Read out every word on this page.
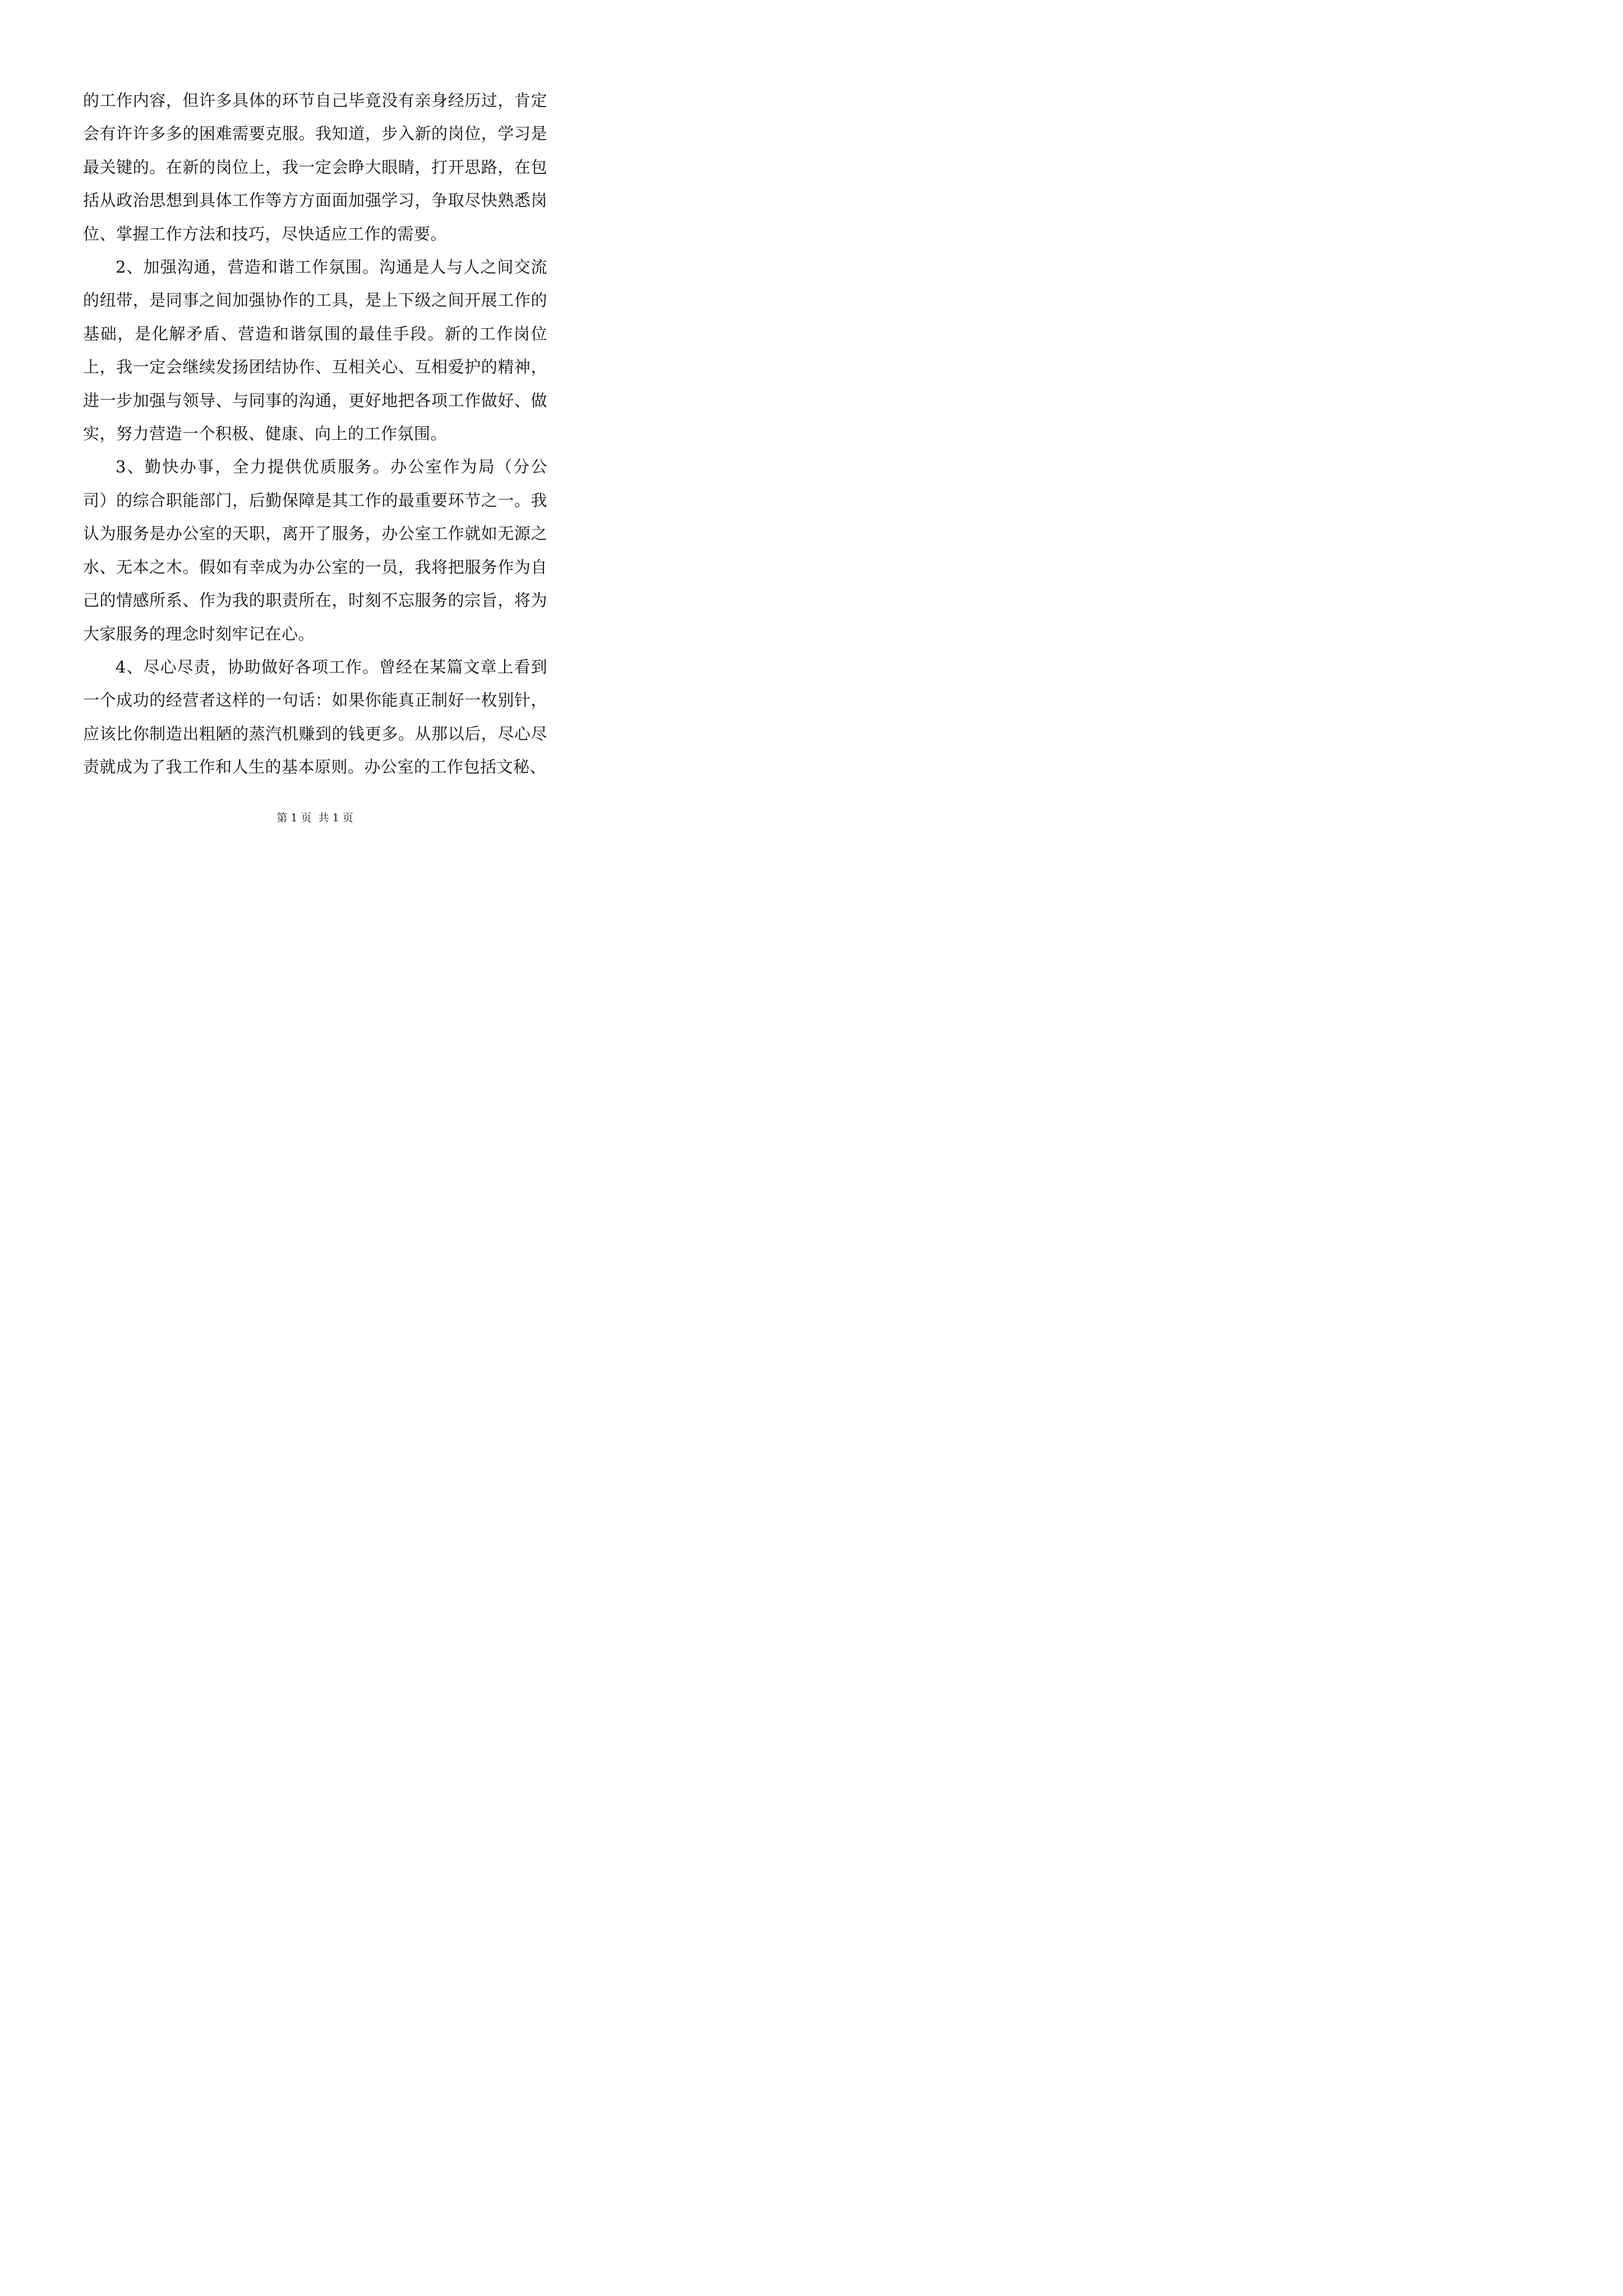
的工作内容，但许多具体的环节自己毕竟没有亲身经历过，肯定会有许许多多的困难需要克服。我知道，步入新的岗位，学习是最关键的。在新的岗位上，我一定会睁大眼睛，打开思路，在包括从政治思想到具体工作等方方面面加强学习，争取尽快熟悉岗位、掌握工作方法和技巧，尽快适应工作的需要。

2、加强沟通，营造和谐工作氛围。沟通是人与人之间交流的纽带，是同事之间加强协作的工具，是上下级之间开展工作的基础，是化解矛盾、营造和谐氛围的最佳手段。新的工作岗位上，我一定会继续发扬团结协作、互相关心、互相爱护的精神，进一步加强与领导、与同事的沟通，更好地把各项工作做好、做实，努力营造一个积极、健康、向上的工作氛围。

3、勤快办事，全力提供优质服务。办公室作为局（分公司）的综合职能部门，后勤保障是其工作的最重要环节之一。我认为服务是办公室的天职，离开了服务，办公室工作就如无源之水、无本之木。假如有幸成为办公室的一员，我将把服务作为自己的情感所系、作为我的职责所在，时刻不忘服务的宗旨，将为大家服务的理念时刻牢记在心。

4、尽心尽责，协助做好各项工作。曾经在某篇文章上看到一个成功的经营者这样的一句话：如果你能真正制好一枚别针，应该比你制造出粗陋的蒸汽机赚到的钱更多。从那以后，尽心尽责就成为了我工作和人生的基本原则。办公室的工作包括文秘、

第 1 页  共 1 页
